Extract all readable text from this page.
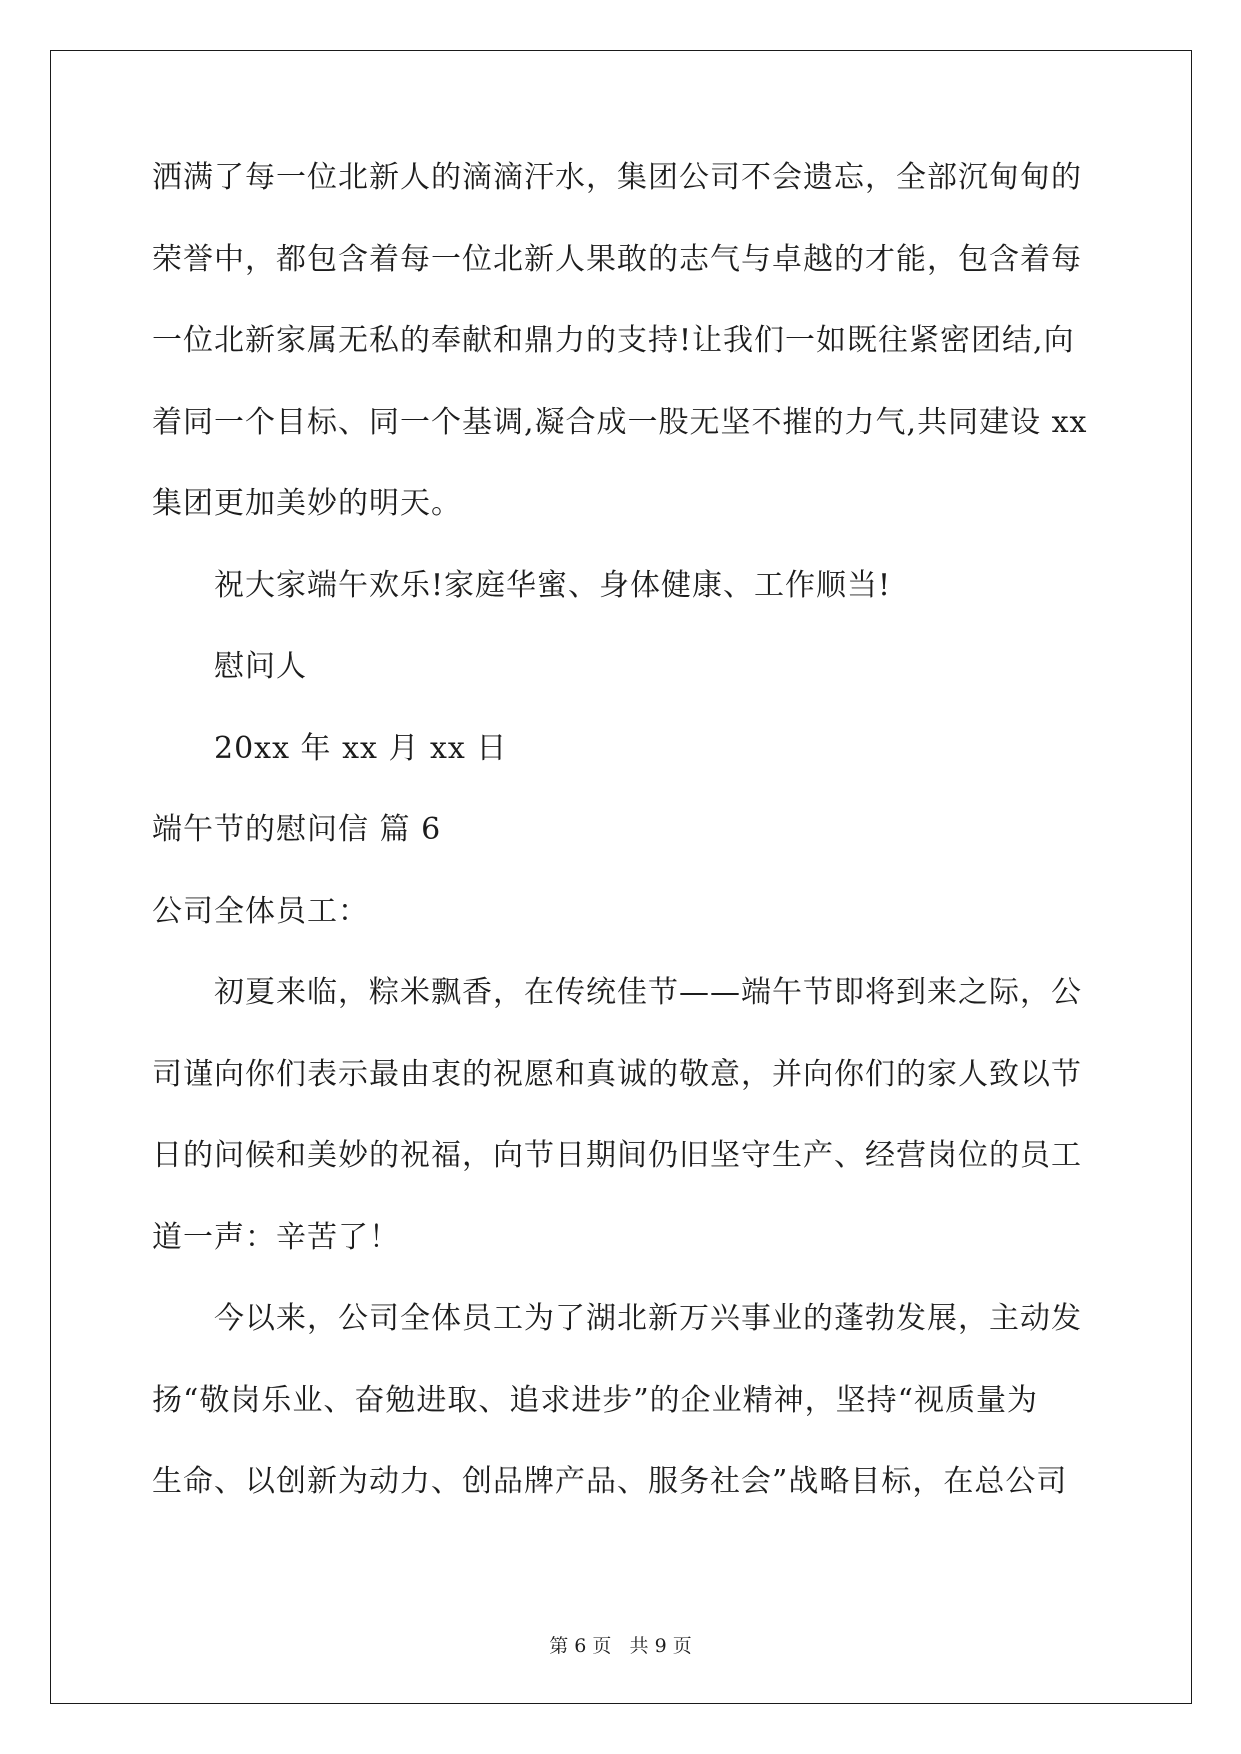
洒满了每一位北新人的滴滴汗水，集团公司不会遗忘，全部沉甸甸的
荣誉中，都包含着每一位北新人果敢的志气与卓越的才能，包含着每
一位北新家属无私的奉献和鼎力的支持!让我们一如既往紧密团结,向
着同一个目标、同一个基调,凝合成一股无坚不摧的力气,共同建设 xx
集团更加美妙的明天。
祝大家端午欢乐!家庭华蜜、身体健康、工作顺当!
慰问人
20xx 年 xx 月 xx 日
端午节的慰问信 篇 6
公司全体员工：
初夏来临，粽米飘香，在传统佳节——端午节即将到来之际，公
司谨向你们表示最由衷的祝愿和真诚的敬意，并向你们的家人致以节
日的问候和美妙的祝福，向节日期间仍旧坚守生产、经营岗位的员工
道一声：辛苦了！
今以来，公司全体员工为了湖北新万兴事业的蓬勃发展，主动发
扬“敬岗乐业、奋勉进取、追求进步”的企业精神，坚持“视质量为
生命、以创新为动力、创品牌产品、服务社会”战略目标，在总公司
第 6 页   共 9 页
